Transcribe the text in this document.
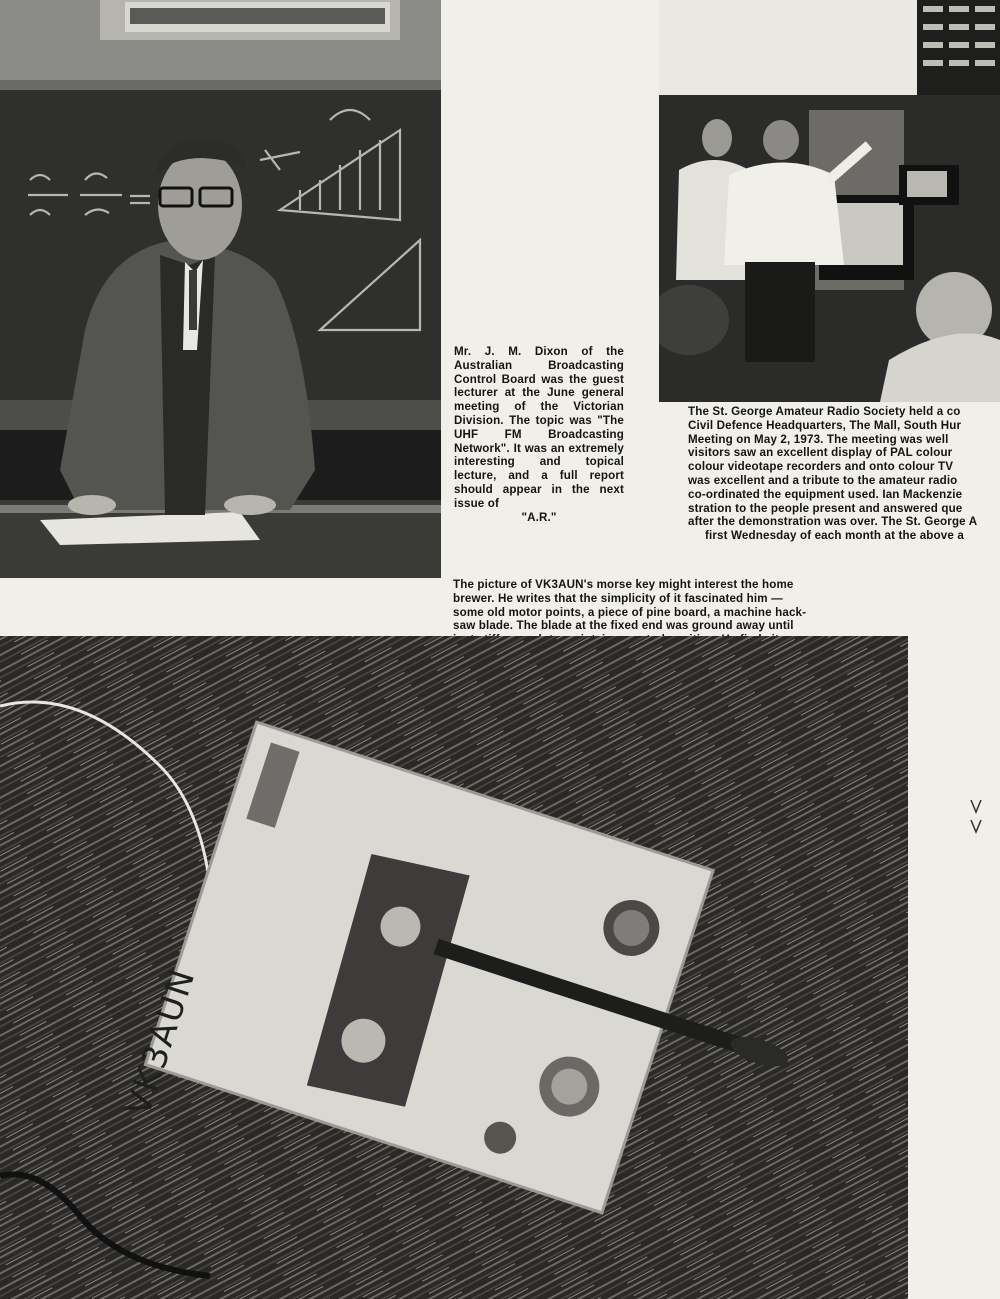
Mr. J. M. Dixon of the Australian Broadcasting Control Board was the guest lecturer at the June general meeting of the Victorian Division. The topic was "The UHF FM Broadcasting Network". It was an extremely interesting and topical lecture, and a full report should appear in the next issue of
"A.R."

The St. George Amateur Radio Society held a co
Civil Defence Headquarters, The Mall, South Hur
Meeting on May 2, 1973. The meeting was well
visitors saw an excellent display of PAL colour
colour videotape recorders and onto colour TV
was excellent and a tribute to the amateur radio
co-ordinated the equipment used. Ian Mackenzie
stration to the people present and answered que
after the demonstration was over. The St. George A
first Wednesday of each month at the above a

The picture of VK3AUN's morse key might interest the home
brewer. He writes that the simplicity of it fascinated him —
some old motor points, a piece of pine board, a machine hack-
saw blade. The blade at the fixed end was ground away until

VK3AUN
